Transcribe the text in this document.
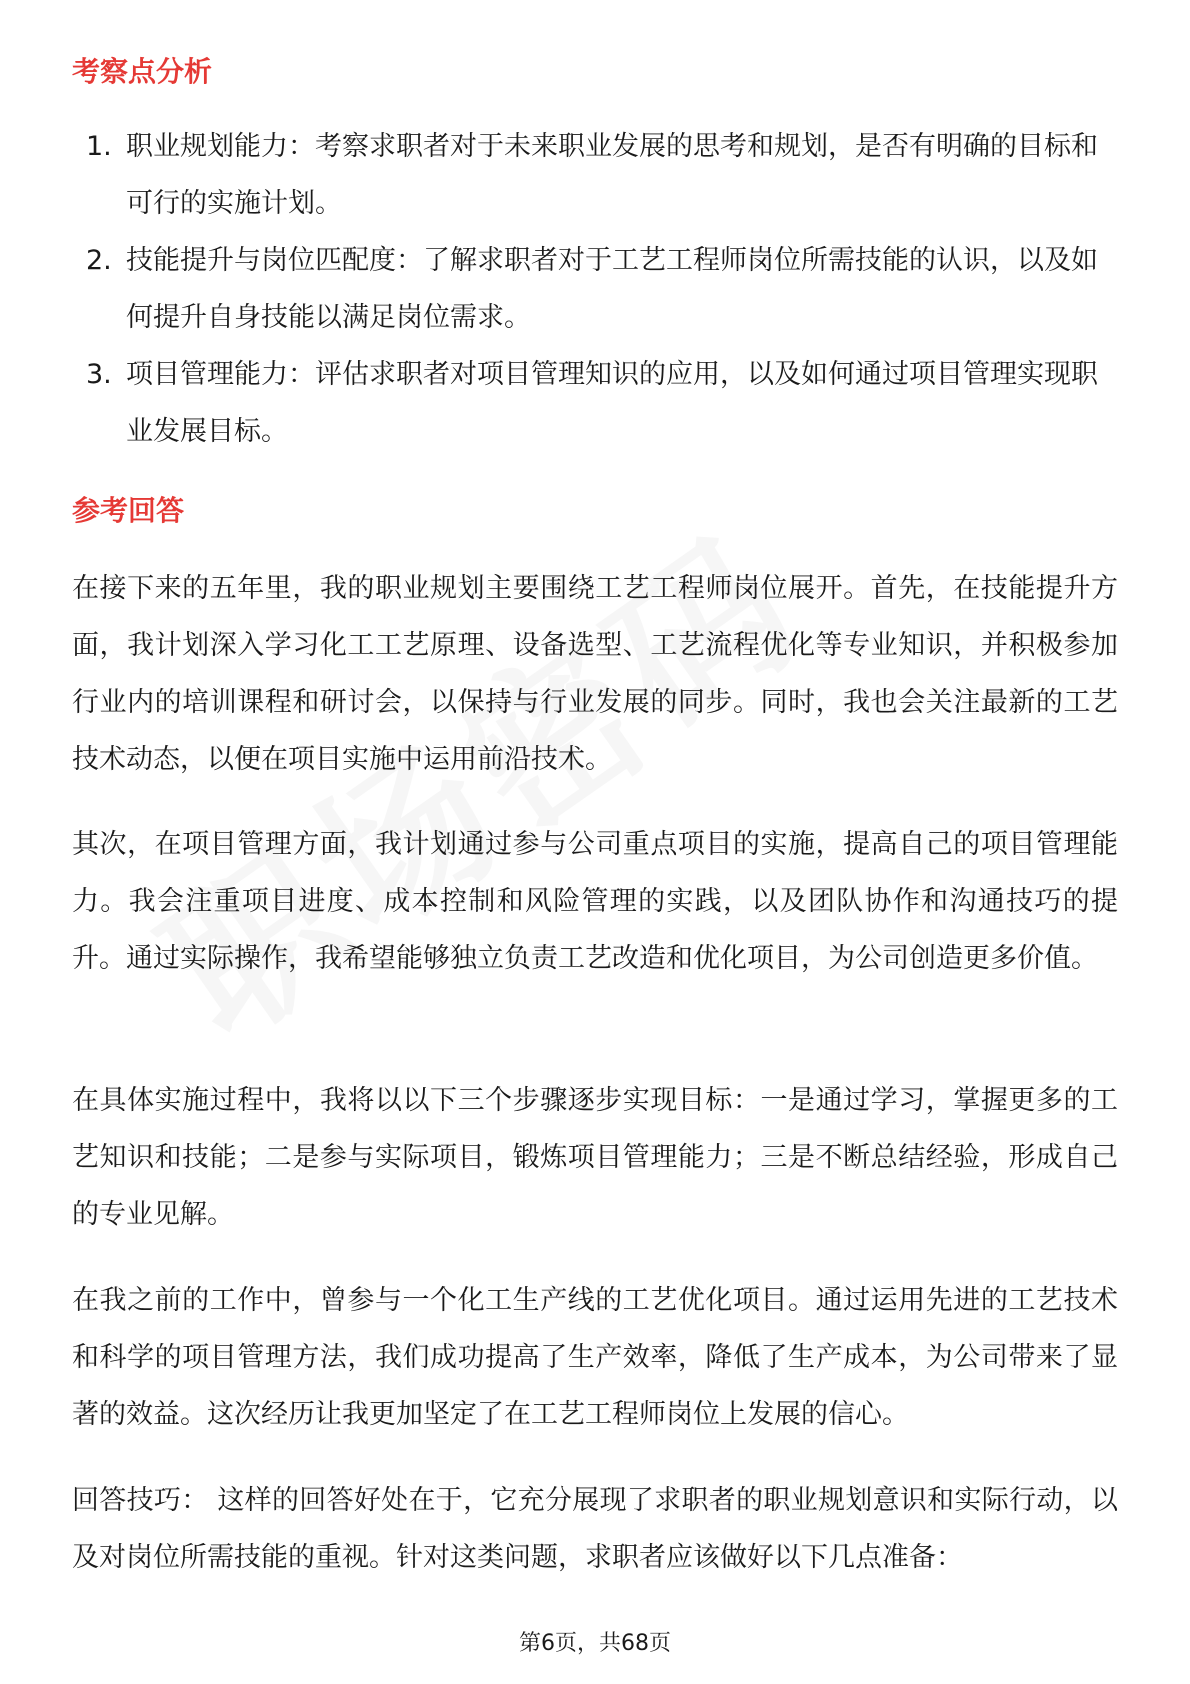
考察点分析
1. 职业规划能力：考察求职者对于未来职业发展的思考和规划，是否有明确的目标和可行的实施计划。
2. 技能提升与岗位匹配度：了解求职者对于工艺工程师岗位所需技能的认识，以及如何提升自身技能以满足岗位需求。
3. 项目管理能力：评估求职者对项目管理知识的应用，以及如何通过项目管理实现职业发展目标。
参考回答

在接下来的五年里，我的职业规划主要围绕工艺工程师岗位展开。首先，在技能提升方面，我计划深入学习化工工艺原理、设备选型、工艺流程优化等专业知识，并积极参加行业内的培训课程和研讨会，以保持与行业发展的同步。同时，我也会关注最新的工艺技术动态，以便在项目实施中运用前沿技术。

其次，在项目管理方面，我计划通过参与公司重点项目的实施，提高自己的项目管理能力。我会注重项目进度、成本控制和风险管理的实践，以及团队协作和沟通技巧的提升。通过实际操作，我希望能够独立负责工艺改造和优化项目，为公司创造更多价值。

在具体实施过程中，我将以以下三个步骤逐步实现目标：一是通过学习，掌握更多的工艺知识和技能；二是参与实际项目，锻炼项目管理能力；三是不断总结经验，形成自己的专业见解。

在我之前的工作中，曾参与一个化工生产线的工艺优化项目。通过运用先进的工艺技术和科学的项目管理方法，我们成功提高了生产效率，降低了生产成本，为公司带来了显著的效益。这次经历让我更加坚定了在工艺工程师岗位上发展的信心。

回答技巧： 这样的回答好处在于，它充分展现了求职者的职业规划意识和实际行动，以及对岗位所需技能的重视。针对这类问题，求职者应该做好以下几点准备：

第6页，共68页
